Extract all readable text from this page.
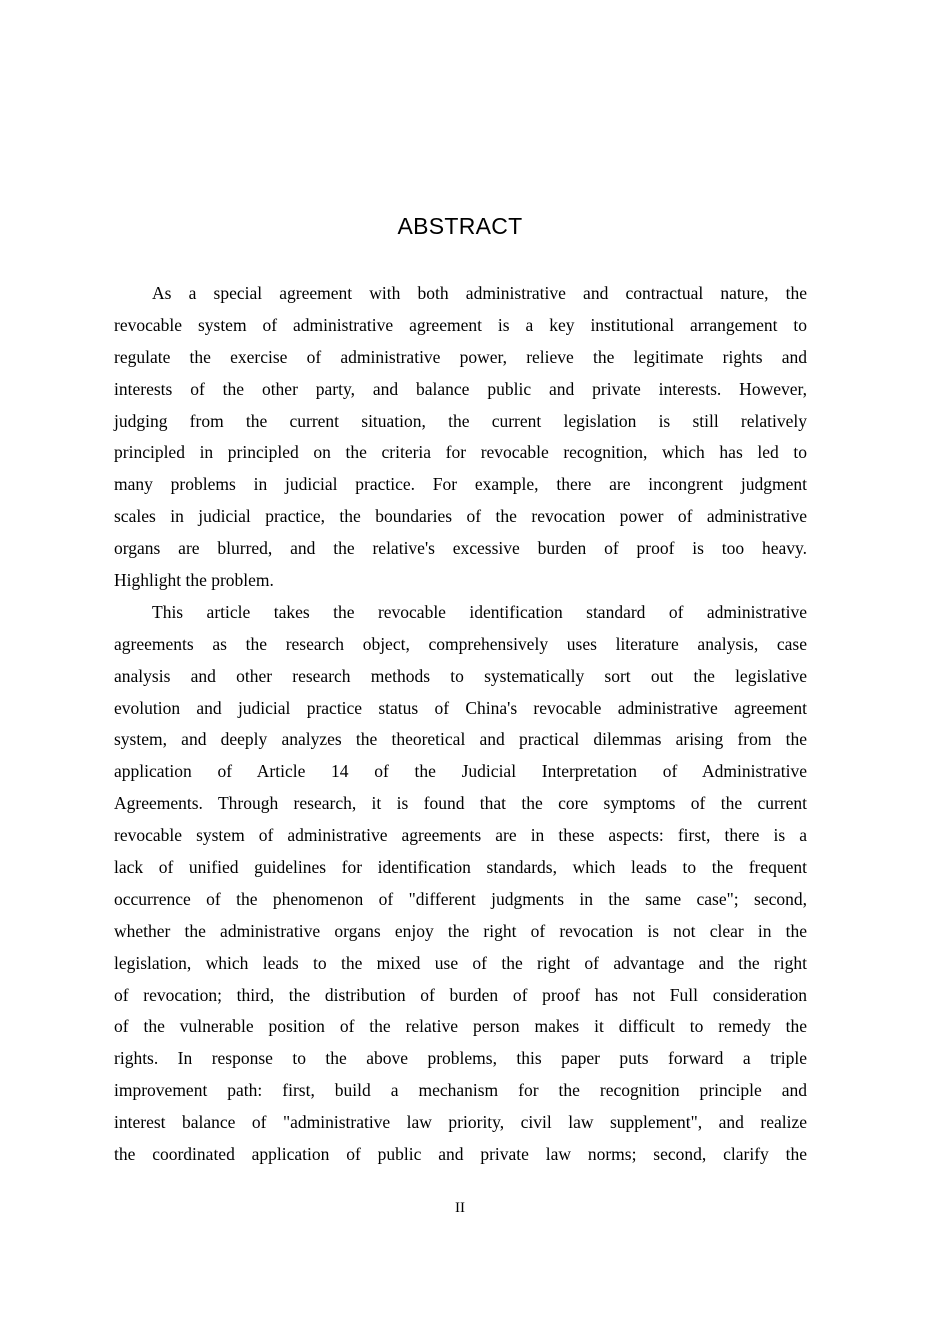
ABSTRACT
As a special agreement with both administrative and contractual nature, the
revocable system of administrative agreement is a key institutional arrangement to
regulate the exercise of administrative power, relieve the legitimate rights and
interests of the other party, and balance public and private interests. However,
judging from the current situation, the current legislation is still relatively
principled in principled on the criteria for revocable recognition, which has led to
many problems in judicial practice. For example, there are incongrent judgment
scales in judicial practice, the boundaries of the revocation power of administrative
organs are blurred, and the relative's excessive burden of proof is too heavy.
Highlight the problem.
This article takes the revocable identification standard of administrative
agreements as the research object, comprehensively uses literature analysis, case
analysis and other research methods to systematically sort out the legislative
evolution and judicial practice status of China's revocable administrative agreement
system, and deeply analyzes the theoretical and practical dilemmas arising from the
application of Article 14 of the Judicial Interpretation of Administrative
Agreements. Through research, it is found that the core symptoms of the current
revocable system of administrative agreements are in these aspects: first, there is a
lack of unified guidelines for identification standards, which leads to the frequent
occurrence of the phenomenon of "different judgments in the same case"; second,
whether the administrative organs enjoy the right of revocation is not clear in the
legislation, which leads to the mixed use of the right of advantage and the right
of revocation; third, the distribution of burden of proof has not Full consideration
of the vulnerable position of the relative person makes it difficult to remedy the
rights. In response to the above problems, this paper puts forward a triple
improvement path: first, build a mechanism for the recognition principle and
interest balance of "administrative law priority, civil law supplement", and realize
the coordinated application of public and private law norms; second, clarify the
II
